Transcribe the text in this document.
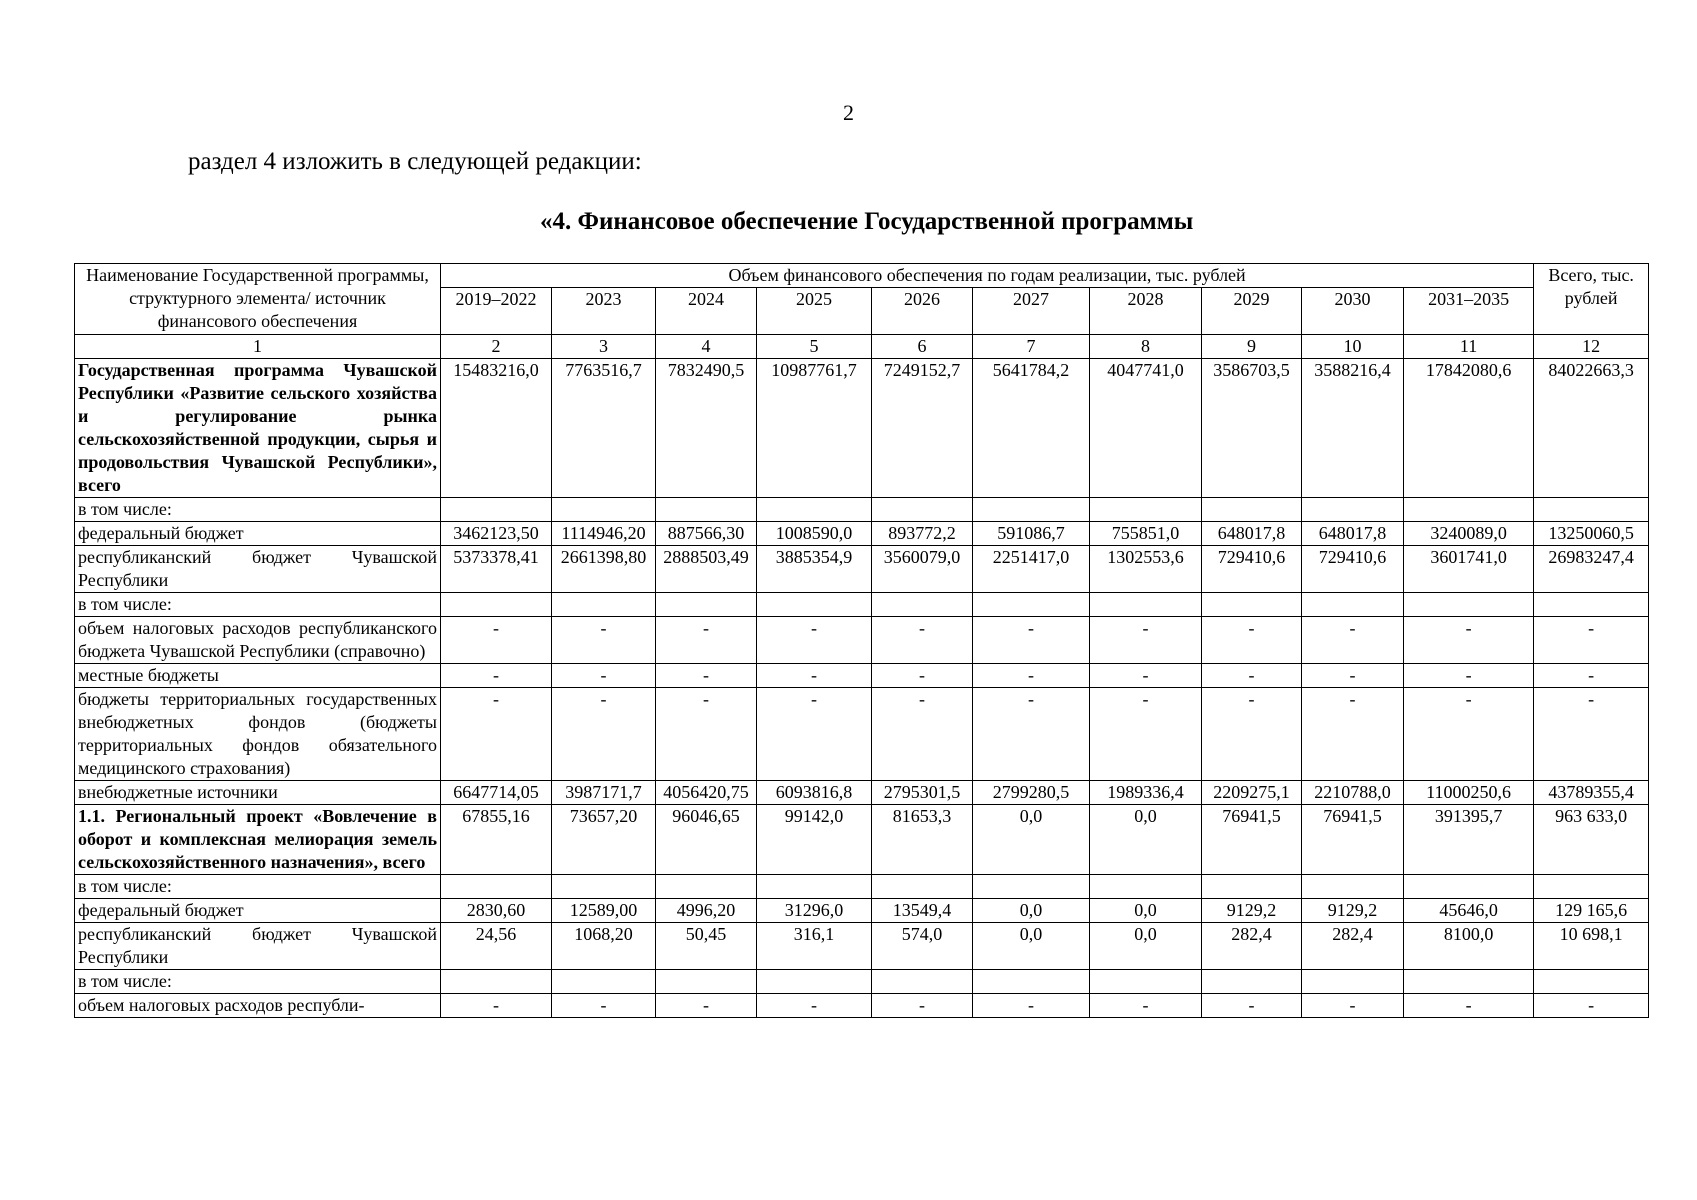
2
раздел 4 изложить в следующей редакции:
«4. Финансовое обеспечение Государственной программы
Наименование Государственной программы, структурного элемента/ источник финансового обеспечения	Объем финансового обеспечения по годам реализации, тыс. рублей										Всего, тыс. рублей
	2019–2022	2023	2024	2025	2026	2027	2028	2029	2030	2031–2035	
1	2	3	4	5	6	7	8	9	10	11	12
Государственная программа Чувашской Республики «Развитие сельского хозяйства и регулирование рынка сельскохозяйственной продукции, сырья и продовольствия Чувашской Республики», всего	15483216,0	7763516,7	7832490,5	10987761,7	7249152,7	5641784,2	4047741,0	3586703,5	3588216,4	17842080,6	84022663,3
в том числе:											
федеральный бюджет	3462123,50	1114946,20	887566,30	1008590,0	893772,2	591086,7	755851,0	648017,8	648017,8	3240089,0	13250060,5
республиканский бюджет Чувашской Республики	5373378,41	2661398,80	2888503,49	3885354,9	3560079,0	2251417,0	1302553,6	729410,6	729410,6	3601741,0	26983247,4
в том числе:											
объем налоговых расходов республиканского бюджета Чувашской Республики (справочно)	-	-	-	-	-	-	-	-	-	-	-
местные бюджеты	-	-	-	-	-	-	-	-	-	-	-
бюджеты территориальных государственных внебюджетных фондов (бюджеты территориальных фондов обязательного медицинского страхования)	-	-	-	-	-	-	-	-	-	-	-
внебюджетные источники	6647714,05	3987171,7	4056420,75	6093816,8	2795301,5	2799280,5	1989336,4	2209275,1	2210788,0	11000250,6	43789355,4
1.1. Региональный проект «Вовлечение в оборот и комплексная мелиорация земель сельскохозяйственного назначения», всего	67855,16	73657,20	96046,65	99142,0	81653,3	0,0	0,0	76941,5	76941,5	391395,7	963 633,0
в том числе:											
федеральный бюджет	2830,60	12589,00	4996,20	31296,0	13549,4	0,0	0,0	9129,2	9129,2	45646,0	129 165,6
республиканский бюджет Чувашской Республики	24,56	1068,20	50,45	316,1	574,0	0,0	0,0	282,4	282,4	8100,0	10 698,1
в том числе:											
объем налоговых расходов республи-	-	-	-	-	-	-	-	-	-	-	-
